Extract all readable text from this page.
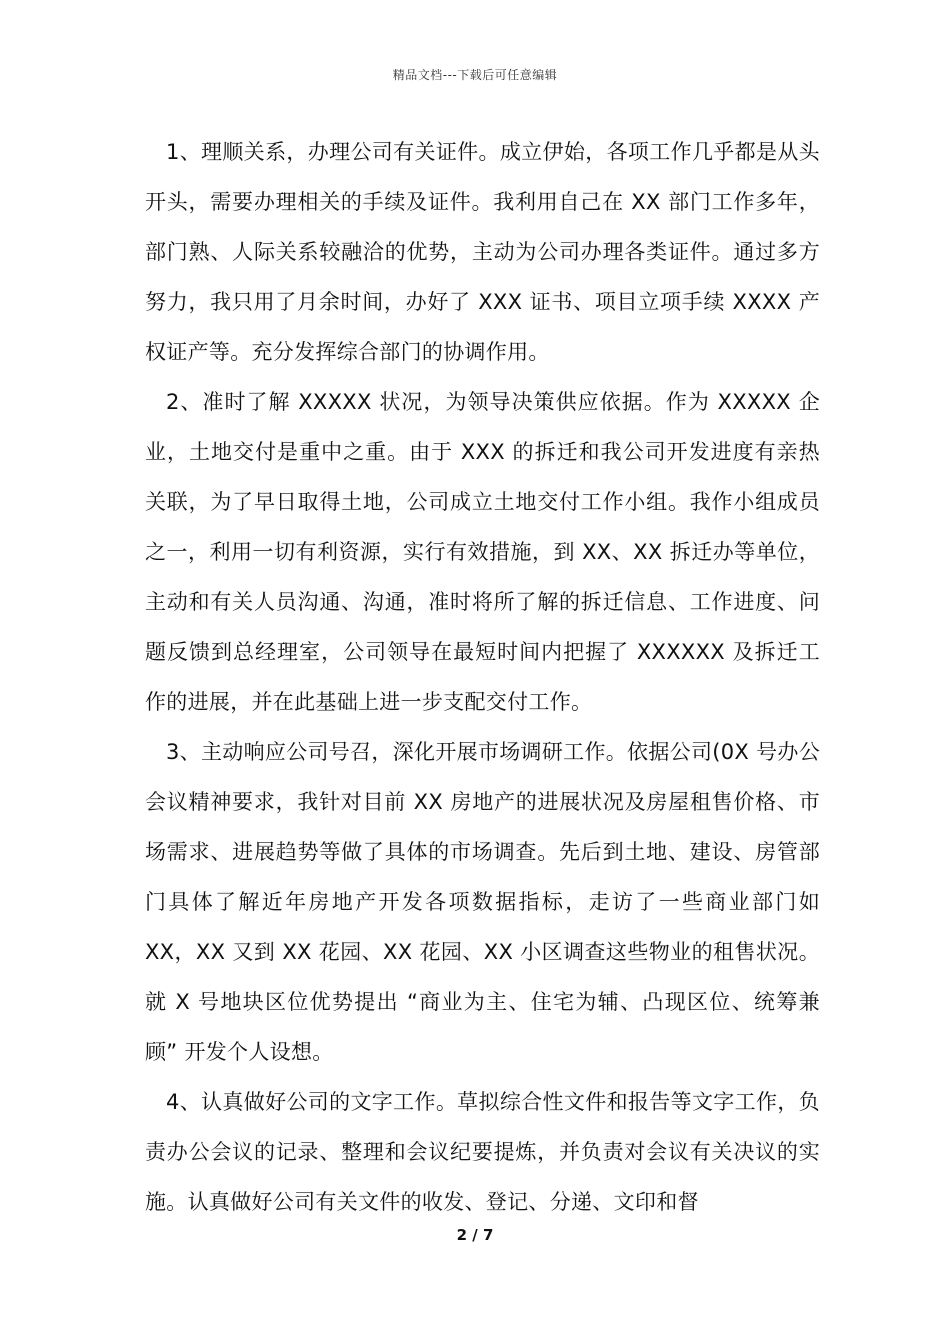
精品文档---下载后可任意编辑

1、理顺关系，办理公司有关证件。成立伊始，各项工作几乎都是从头开头，需要办理相关的手续及证件。我利用自己在 XX 部门工作多年，部门熟、人际关系较融洽的优势，主动为公司办理各类证件。通过多方努力，我只用了月余时间，办好了 XXX 证书、项目立项手续 XXXX 产权证产等。充分发挥综合部门的协调作用。

2、准时了解 XXXXX 状况，为领导决策供应依据。作为 XXXXX 企业，土地交付是重中之重。由于 XXX 的拆迁和我公司开发进度有亲热关联，为了早日取得土地，公司成立土地交付工作小组。我作小组成员之一，利用一切有利资源，实行有效措施，到 XX、XX 拆迁办等单位，主动和有关人员沟通、沟通，准时将所了解的拆迁信息、工作进度、问题反馈到总经理室，公司领导在最短时间内把握了 XXXXXX 及拆迁工作的进展，并在此基础上进一步支配交付工作。

3、主动响应公司号召，深化开展市场调研工作。依据公司(0X 号办公会议精神要求，我针对目前 XX 房地产的进展状况及房屋租售价格、市场需求、进展趋势等做了具体的市场调查。先后到土地、建设、房管部门具体了解近年房地产开发各项数据指标，走访了一些商业部门如 XX，XX 又到 XX 花园、XX 花园、XX 小区调查这些物业的租售状况。就 X 号地块区位优势提出 “商业为主、住宅为辅、凸现区位、统筹兼顾” 开发个人设想。

4、认真做好公司的文字工作。草拟综合性文件和报告等文字工作，负责办公会议的记录、整理和会议纪要提炼，并负责对会议有关决议的实施。认真做好公司有关文件的收发、登记、分递、文印和督

2 / 7
